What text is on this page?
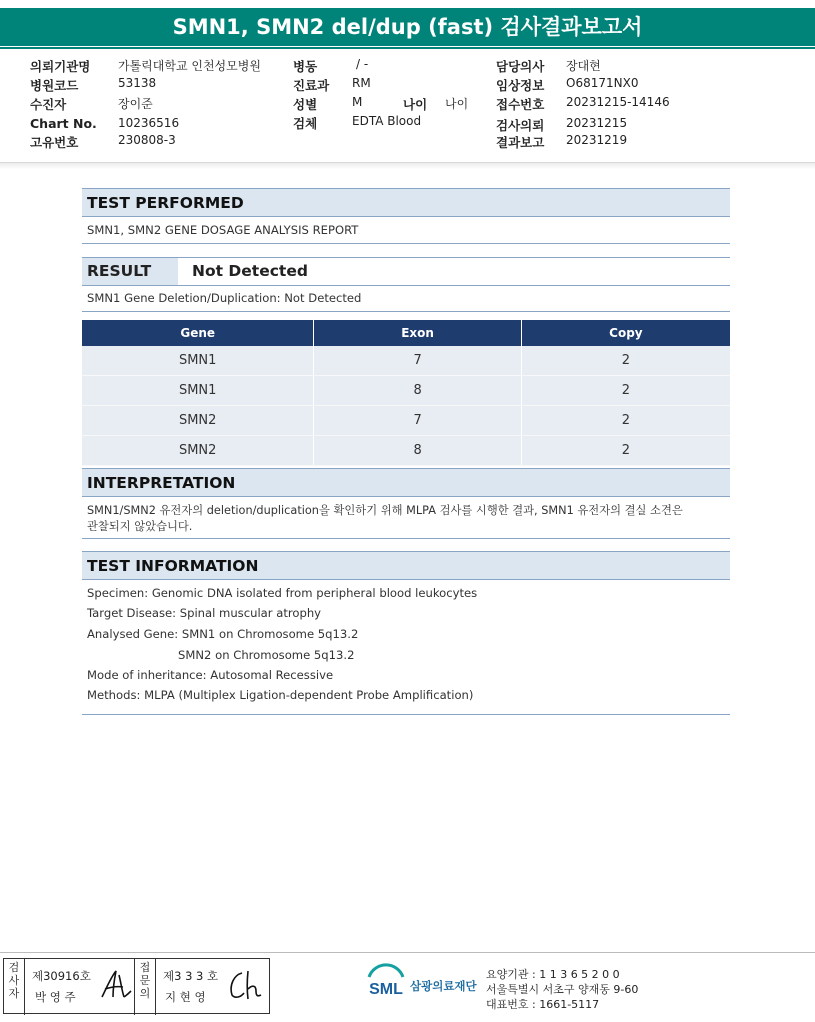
SMN1, SMN2 del/dup (fast) 검사결과보고서
의뢰기관명 가톨릭대학교 인천성모병원
병원코드	53138
수진자	장이준
Chart No. 10236516
고유번호	230808-3
병동	/ -
진료과 RM
성별	M	나이 나이
검체	EDTA Blood
담당의사 장대현
임상정보 O68171NX0
접수번호 20231215-14146
검사의뢰 20231215
결과보고 20231219
TEST PERFORMED
SMN1, SMN2 GENE DOSAGE ANALYSIS REPORT
RESULT	Not Detected
SMN1 Gene Deletion/Duplication: Not Detected
Gene	Exon	Copy
SMN1	7	2
SMN1	8	2
SMN2	7	2
SMN2	8	2
INTERPRETATION
SMN1/SMN2 유전자의 deletion/duplication을 확인하기 위해 MLPA 검사를 시행한 결과, SMN1 유전자의 결실 소견은
관찰되지 않았습니다.
TEST INFORMATION
Specimen: Genomic DNA isolated from peripheral blood leukocytes
Target Disease: Spinal muscular atrophy
Analysed Gene: SMN1 on Chromosome 5q13.2
SMN2 on Chromosome 5q13.2
Mode of inheritance: Autosomal Recessive
Methods: MLPA (Multiplex Ligation-dependent Probe Amplification)
검사자
제30916호
박 영 주
접문의
제3 3 3 호
지 현 영	SML 삼광의료재단
요양기관 : 1 1 3 6 5 2 0 0
서울특별시 서초구 양재동 9-60
대표번호 : 1661-5117
